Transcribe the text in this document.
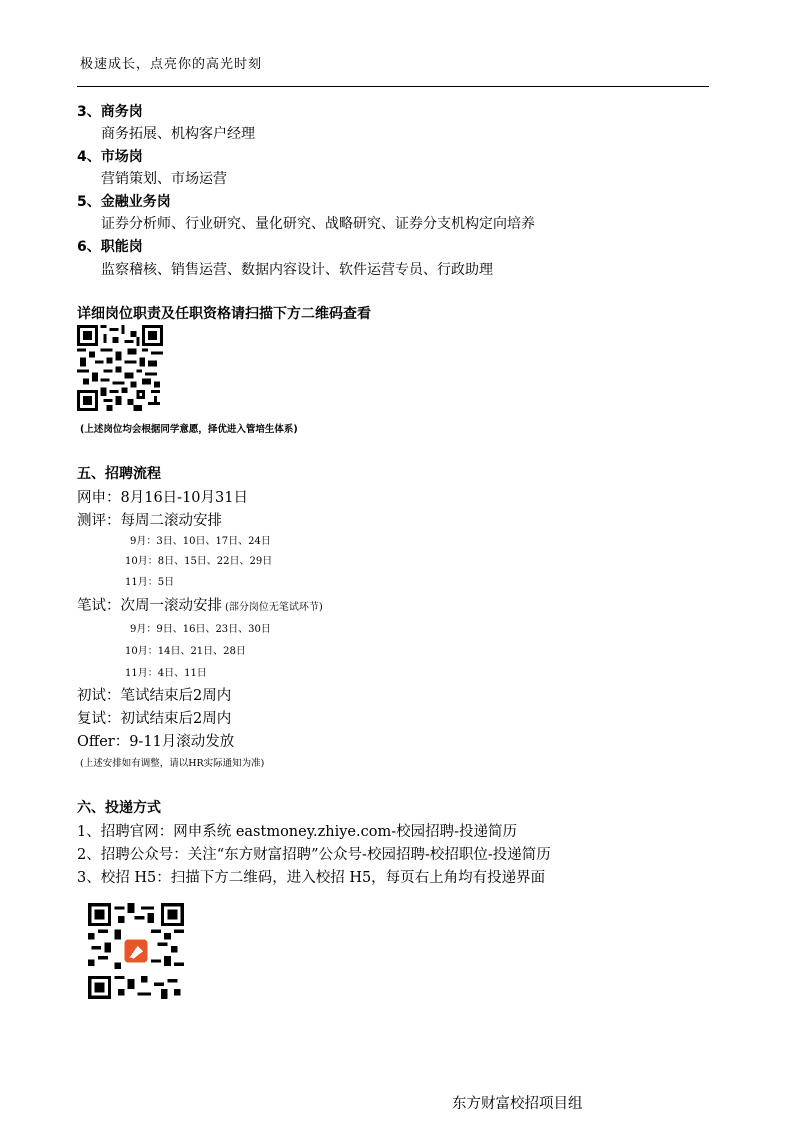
极速成长，点亮你的高光时刻
3、商务岗
商务拓展、机构客户经理
4、市场岗
营销策划、市场运营
5、金融业务岗
证券分析师、行业研究、量化研究、战略研究、证券分支机构定向培养
6、职能岗
监察稽核、销售运营、数据内容设计、软件运营专员、行政助理
详细岗位职责及任职资格请扫描下方二维码查看
(上述岗位均会根据同学意愿，择优进入管培生体系)
五、招聘流程
网申：8月16日-10月31日
测评：每周二滚动安排
9月：3日、10日、17日、24日
10月：8日、15日、22日、29日
11月：5日
笔试：次周一滚动安排 (部分岗位无笔试环节)
9月：9日、16日、23日、30日
10月：14日、21日、28日
11月：4日、11日
初试：笔试结束后2周内
复试：初试结束后2周内
Offer：9-11月滚动发放
(上述安排如有调整，请以HR实际通知为准)
六、投递方式
1、招聘官网：网申系统 eastmoney.zhiye.com-校园招聘-投递简历
2、招聘公众号：关注“东方财富招聘”公众号-校园招聘-校招职位-投递简历
3、校招 H5：扫描下方二维码，进入校招 H5，每页右上角均有投递界面
东方财富校招项目组
